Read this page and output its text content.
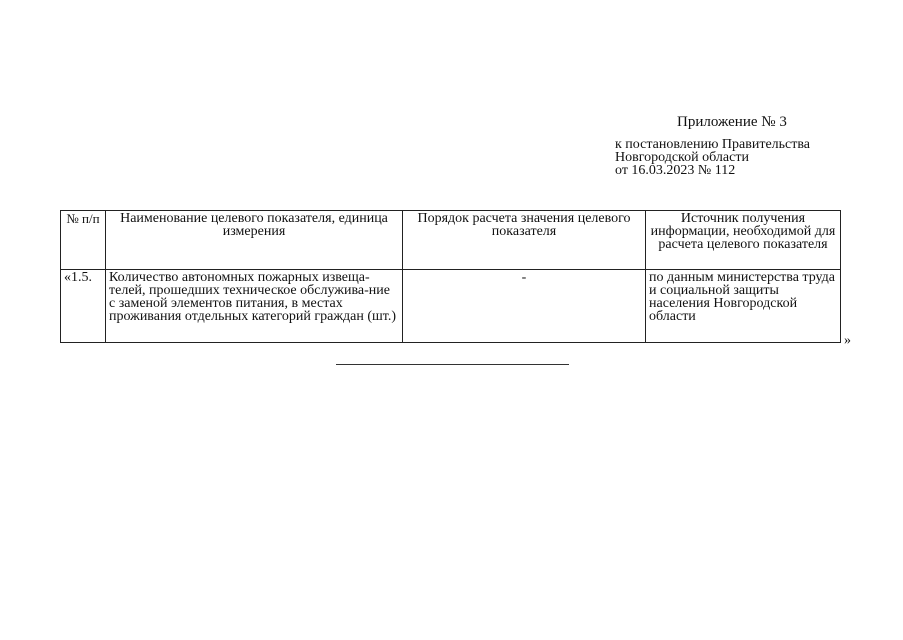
Приложение № 3
к постановлению Правительства
Новгородской области
от 16.03.2023 № 112
№ п/п	Наименование целевого показателя, единица измерения	Порядок расчета значения целевого показателя	Источник получения информации, необходимой для расчета целевого показателя
«1.5.	Количество автономных пожарных извеща-телей, прошедших техническое обслужива-ние с заменой элементов питания, в местах проживания отдельных категорий граждан (шт.)	-	по данным министерства труда и социальной защиты населения Новгородской области
»
